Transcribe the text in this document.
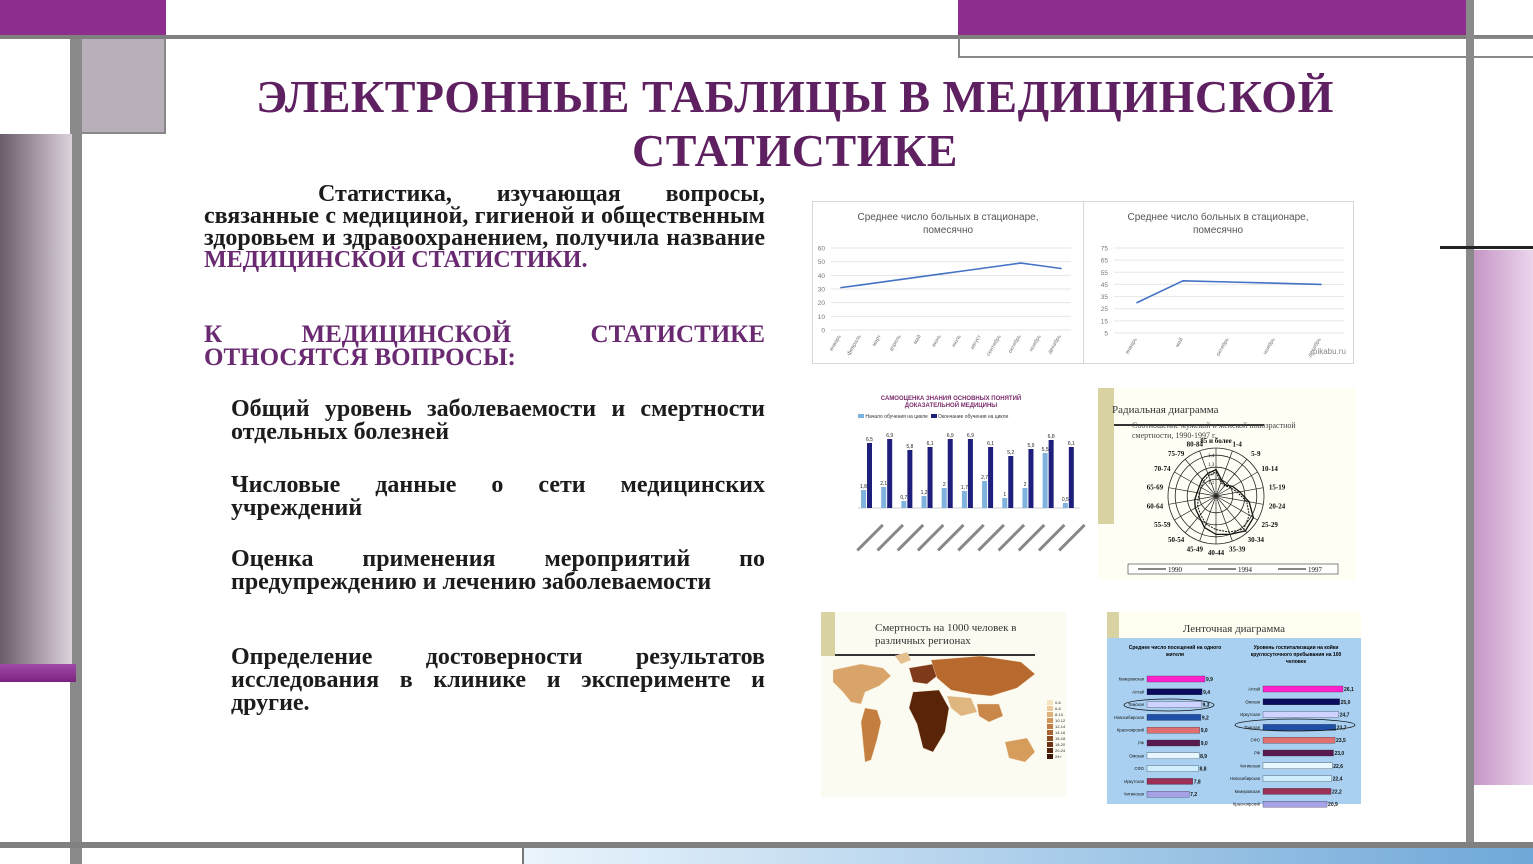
ЭЛЕКТРОННЫЕ ТАБЛИЦЫ В МЕДИЦИНСКОЙ
СТАТИСТИКЕ
Статистика, изучающая вопросы, связанные с медициной, гигиеной и общественным здоровьем и здравоохранением, получила название МЕДИЦИНСКОЙ СТАТИСТИКИ.
К МЕДИЦИНСКОЙ СТАТИСТИКЕ
ОТНОСЯТСЯ ВОПРОСЫ:
Общий уровень заболеваемости и смертности отдельных болезней
Числовые данные о сети медицинских учреждений
Оценка применения мероприятий по предупреждению и лечению заболеваемости
Определение достоверности результатов исследования в клинике и эксперименте и другие.
Среднее число больных в стационаре, помесячно
Среднее число больных в стационаре, помесячно
0
10
20
30
40
50
60
январь февраль март апрель май июнь июль август сентябрь октябрь ноябрь декабрь	5
15
25
35
45
55
65
75
январь	май	октябрь	ноябрь	декабрь
pikabu.ru
САМООЦЕНКА ЗНАНИЯ ОСНОВНЫХ ПОНЯТИЙ ДОКАЗАТЕЛЬНОЙ МЕДИЦИНЫ
Начало обучения на цикле Окончание обучения на цикле
6,5
1,8
6,9
2,1
5,8
0,7
6,1
1,2
6,9
2
6,9
1,7
6,1
2,7
5,2
1
5,9
2
6,8
5,5
6,1
0,5
Радиальная диаграмма
Соотношение мужской и женской повозрастной смертности, 1990-1997 г.
85 и более 1-4
5-9
10-14
15-19
20-24
25-29
30-34
35-39
40-44
45-49
50-54
55-59
60-64
65-69
70-74
75-79
80-84
1,1
1,2
1,3
1,4
1990	1994	1997
Смертность на 1000 человек в различных регионах
0-6
6-8
8-10
10-12
12-14
14-16
16-18
18-20
20-24
24+
Ленточная диаграмма
Среднее число посещений на одного жителя
Уровень госпитализации на койки круглосуточного пребывания на 100 человек
Кемеровская	9,9
Алтай	9,4
Томская	9,3
Новосибирская	9,2
Красноярский	9,0
РФ	9,0
Омская	8,9
СФО	8,8
Иркутская	7,8
Читинская	7,2
Алтай	26,1
Омская	25,0
Иркутская	24,7
Томская	23,7
СФО	23,5
РФ	23,0
Читинская	22,6
Новосибирская	22,4
Кемеровская	22,2
Красноярский	20,9
